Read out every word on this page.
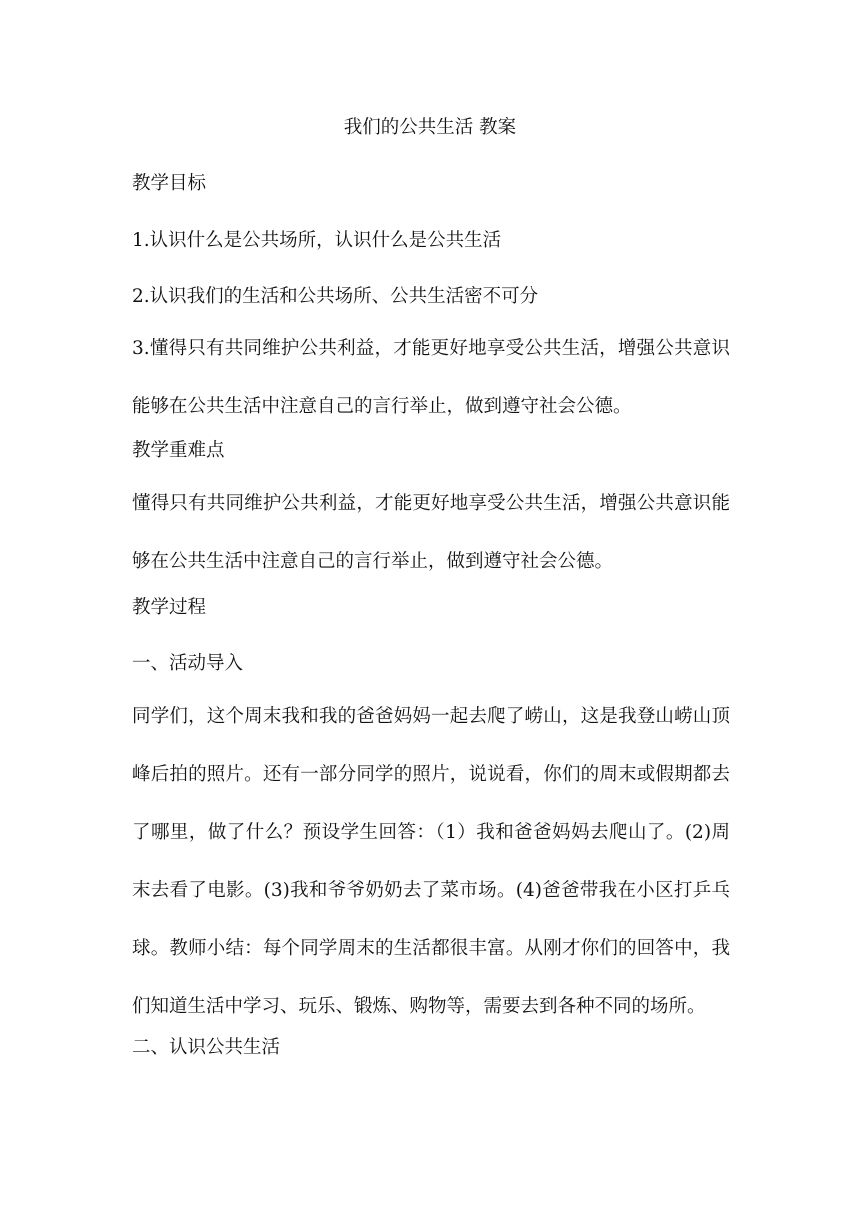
我们的公共生活 教案
教学目标
1.认识什么是公共场所，认识什么是公共生活
2.认识我们的生活和公共场所、公共生活密不可分
3.懂得只有共同维护公共利益，才能更好地享受公共生活，增强公共意识能够在公共生活中注意自己的言行举止，做到遵守社会公德。
教学重难点
懂得只有共同维护公共利益，才能更好地享受公共生活，增强公共意识能够在公共生活中注意自己的言行举止，做到遵守社会公德。
教学过程
一、活动导入
同学们，这个周末我和我的爸爸妈妈一起去爬了崂山，这是我登山崂山顶峰后拍的照片。还有一部分同学的照片，说说看，你们的周末或假期都去了哪里，做了什么？预设学生回答：（1）我和爸爸妈妈去爬山了。(2)周末去看了电影。(3)我和爷爷奶奶去了菜市场。(4)爸爸带我在小区打乒乓球。教师小结：每个同学周末的生活都很丰富。从刚才你们的回答中，我们知道生活中学习、玩乐、锻炼、购物等，需要去到各种不同的场所。
二、认识公共生活
